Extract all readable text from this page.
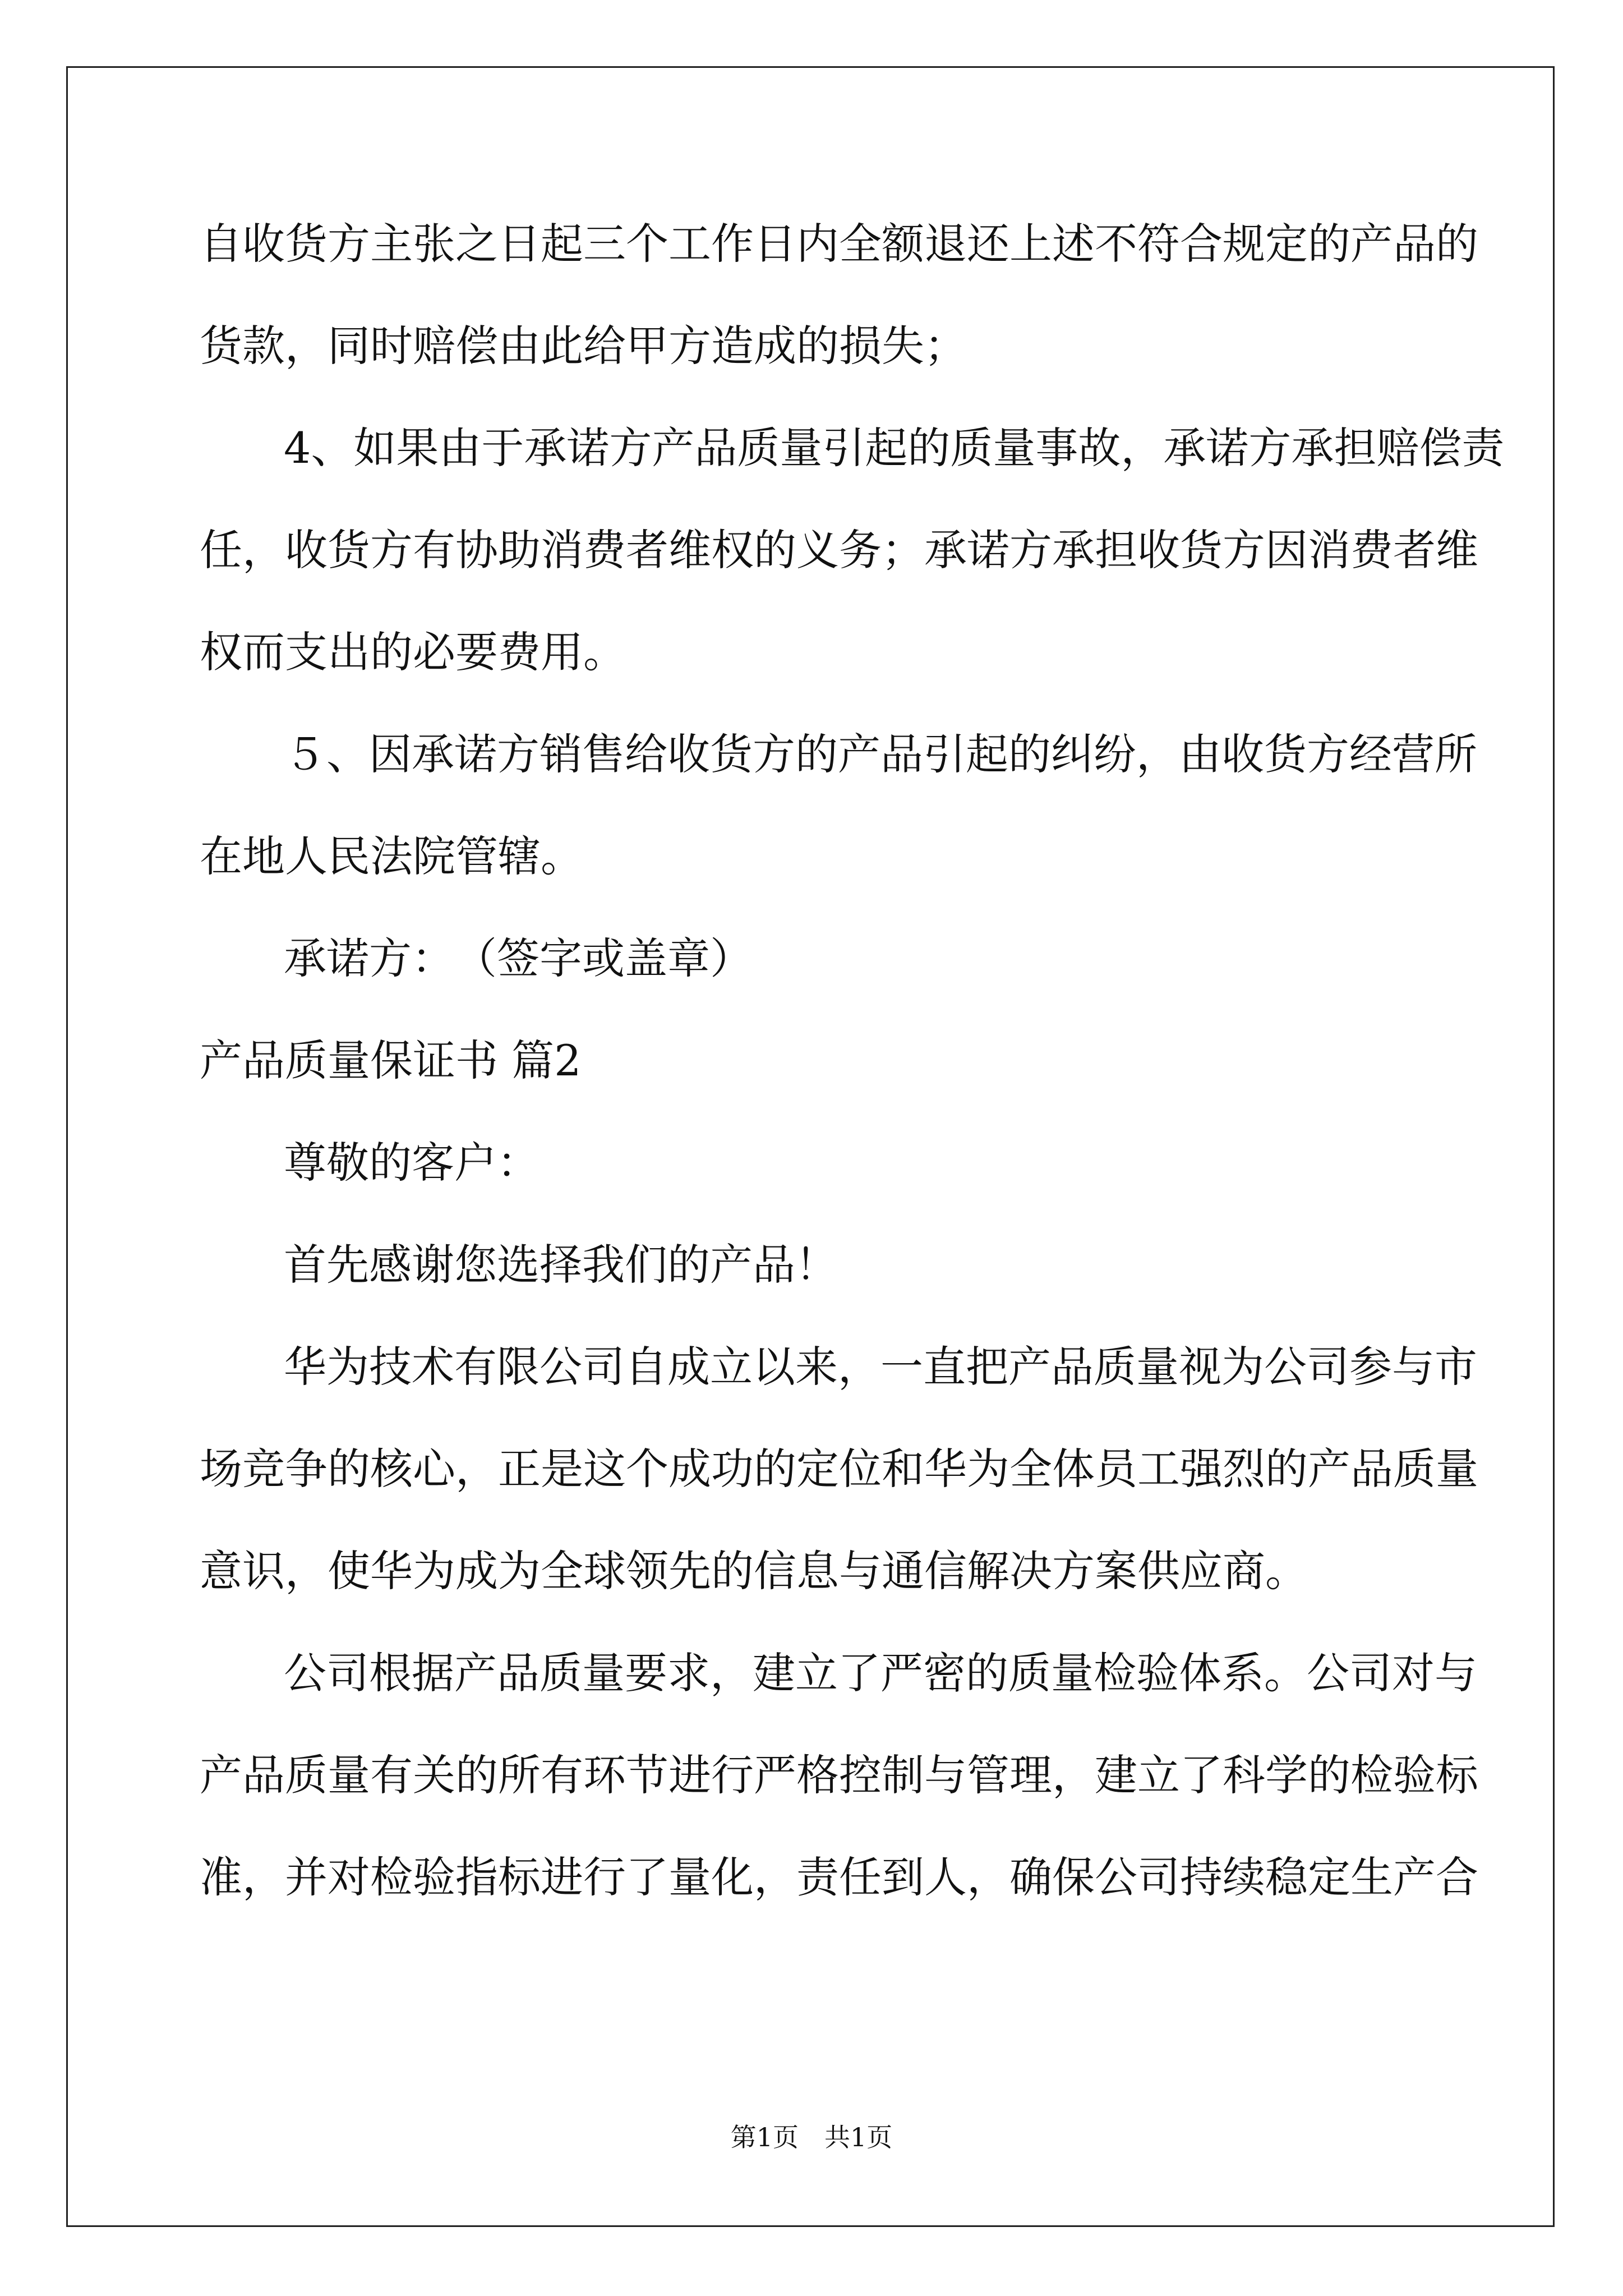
自收货方主张之日起三个工作日内全额退还上述不符合规定的产品的
货款，同时赔偿由此给甲方造成的损失；
4、如果由于承诺方产品质量引起的质量事故，承诺方承担赔偿责
任，收货方有协助消费者维权的义务；承诺方承担收货方因消费者维
权而支出的必要费用。
５、因承诺方销售给收货方的产品引起的纠纷，由收货方经营所
在地人民法院管辖。
承诺方：　（签字或盖章）
产品质量保证书 篇2
尊敬的客户：
首先感谢您选择我们的产品！
华为技术有限公司自成立以来，一直把产品质量视为公司参与市
场竞争的核心，正是这个成功的定位和华为全体员工强烈的产品质量
意识，使华为成为全球领先的信息与通信解决方案供应商。
公司根据产品质量要求，建立了严密的质量检验体系。公司对与
产品质量有关的所有环节进行严格控制与管理，建立了科学的检验标
准，并对检验指标进行了量化，责任到人，确保公司持续稳定生产合
第1页　共1页
